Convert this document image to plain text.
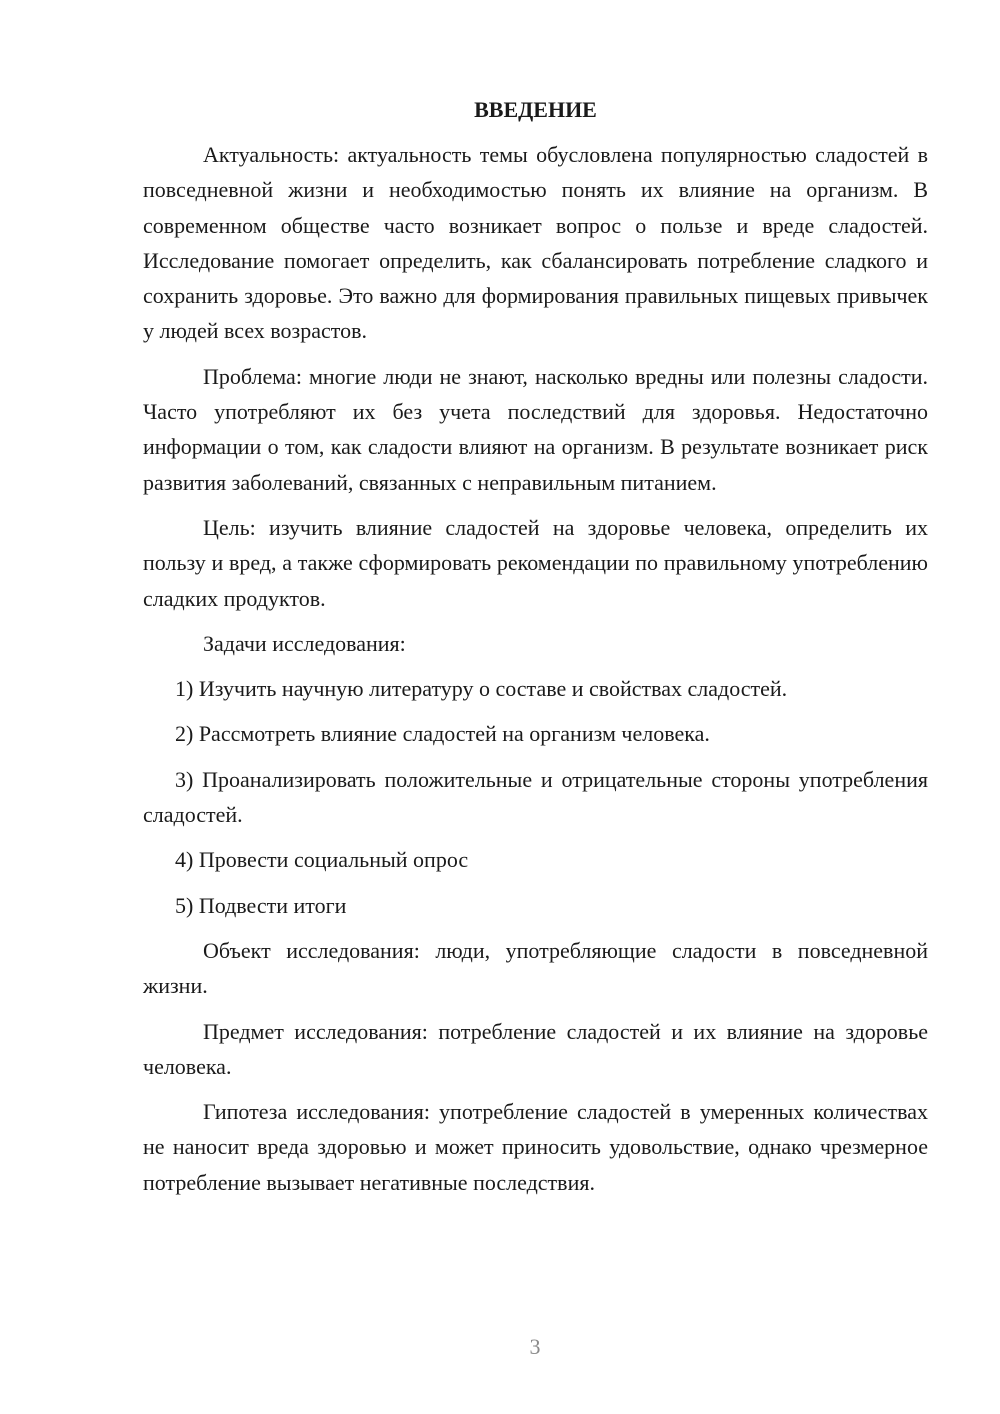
ВВЕДЕНИЕ

Актуальность: актуальность темы обусловлена популярностью сладостей в повседневной жизни и необходимостью понять их влияние на организм. В современном обществе часто возникает вопрос о пользе и вреде сладостей. Исследование помогает определить, как сбалансировать потребление сладкого и сохранить здоровье. Это важно для формирования правильных пищевых привычек у людей всех возрастов.

Проблема: многие люди не знают, насколько вредны или полезны сладости. Часто употребляют их без учета последствий для здоровья. Недостаточно информации о том, как сладости влияют на организм. В результате возникает риск развития заболеваний, связанных с неправильным питанием.

Цель: изучить влияние сладостей на здоровье человека, определить их пользу и вред, а также сформировать рекомендации по правильному употреблению сладких продуктов.

Задачи исследования:

1) Изучить научную литературу о составе и свойствах сладостей.

2) Рассмотреть влияние сладостей на организм человека.

3) Проанализировать положительные и отрицательные стороны употребления сладостей.

4) Провести социальный опрос

5) Подвести итоги

Объект исследования: люди, употребляющие сладости в повседневной жизни.

Предмет исследования: потребление сладостей и их влияние на здоровье человека.

Гипотеза исследования: употребление сладостей в умеренных количествах не наносит вреда здоровью и может приносить удовольствие, однако чрезмерное потребление вызывает негативные последствия.

3
